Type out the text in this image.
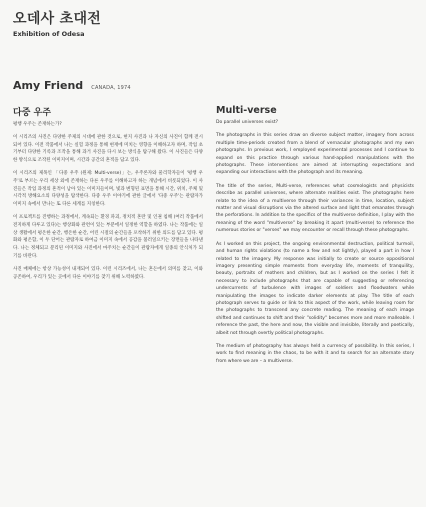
오데사 초대전
Exhibition of Odesa
Amy Friend CANADA, 1974
다중 우주

평행 우주는 존재하는가?

이 시리즈의 사진은 다양한 주제의 시대에 관한 것으로, 현지 사진과 나 자신의 사진이 함께 전시되어 있다. 이전 작품에서 나는 실험 과정을 통해 현재에 미치는 영향을 이해하고자 하며, 작업 초기부터 다양한 기록과 조작을 통해 과거 사진을 다시 보는 방식을 탐구해 왔다. 이 사진들은 다양한 방식으로 조작된 이미지이며, 시간과 공간의 흔적을 담고 있다.

이 시리즈의 제목인 「다중 우주 (원제: Multi-verse)」는, 우주론자와 물리학자들이 '평행 우주'로 부르는 우리 세상 외에 존재하는 다른 우주를 이해하고자 하는 개념에서 비롯되었다. 이 사진들은 작업 과정의 흔적이 남아 있는 이미지들이며, 빛과 변형된 표면을 통해 시간, 위치, 주체 및 시각적 방해요소의 다양성을 탐색한다. 다중 우주 이야기에 관한 글에서 '다중 우주'는 관람자가 이미지 속에서 만나는 또 다른 세계를 지칭한다.

이 프로젝트를 진행하는 과정에서, 계속되는 환경 파괴, 정치적 혼란 및 인권 침해 (여러 작품에서 전지하게 다루고 있다)는 행상화와 관련이 있는 부분에서 일정한 역할을 하였다. 나는 작품에는 일상 생활에서 평온한 순간, 행온한 순간, 어린 시절의 순간들을 포착하기 위한 의도를 담고 있다. 평화와 평온함, 이 두 단어는 관람자로 하여금 이미지 속에서 공감을 불러일으키는 장면들을 나타낸다. 나는 정체되고 분리된 이미지와 사진에서 마주치는 순간들이 관람자에게 일종의 안식처가 되기를 바란다.

사진 매체에는 항상 가능성이 내재되어 있다. 이런 시리즈에서, 나는 혼돈에서 의미를 찾고, 이와 공존하여, 우리가 있는 곳에서 다른 이야기를 찾기 위해 노력하였다.

Multi-verse

Do parallel universes exist?

The photographs in this series draw on diverse subject matter, imagery from across multiple time-periods created from a blend of vernacular photographs and my own photographs. In previous work, I employed experimental processes and I continue to expand on this practice through various hand-applied manipulations with the photographs. These interventions are aimed at interrupting expectations and expanding our interactions with the photograph and its meaning.

The title of the series, Multi-verse, references what cosmologists and physicists describe as parallel universes, where alternate realities exist. The photographs here relate to the idea of a multiverse through their variances in time, location, subject matter and visual disruptions via the altered surface and light that emanates through the perforations. In addition to the specifics of the multiverse definition, I play with the meaning of the word "multiverse" by breaking it apart (multi-verse) to reference the numerous stories or "verses" we may encounter or recall through these photographs.

As I worked on this project, the ongoing environmental destruction, political turmoil, and human rights violations (to name a few and not lightly), played a part in how I related to the imagery. My response was initially to create or source oppositional imagery presenting simple moments from everyday life, moments of tranquility, beauty, portraits of mothers and children, but as I worked on the series I felt it necessary to include photographs that are capable of suggesting or referencing undercurrents of turbulence with images of soldiers and floodwaters while manipulating the images to indicate darker elements at play. The title of each photograph serves to guide or link to this aspect of the work, while leaving room for the photographs to transcend any concrete reading. The meaning of each image shifted and continues to shift and their "solidity" becomes more and more malleable. I reference the past, the here and now, the visible and invisible, literally and poetically, albeit not through overtly political photographs.

The medium of photography has always held a currency of possibility. In this series, I work to find meaning in the chaos, to be with it and to search for an alternate story from where we are – a multiverse.
